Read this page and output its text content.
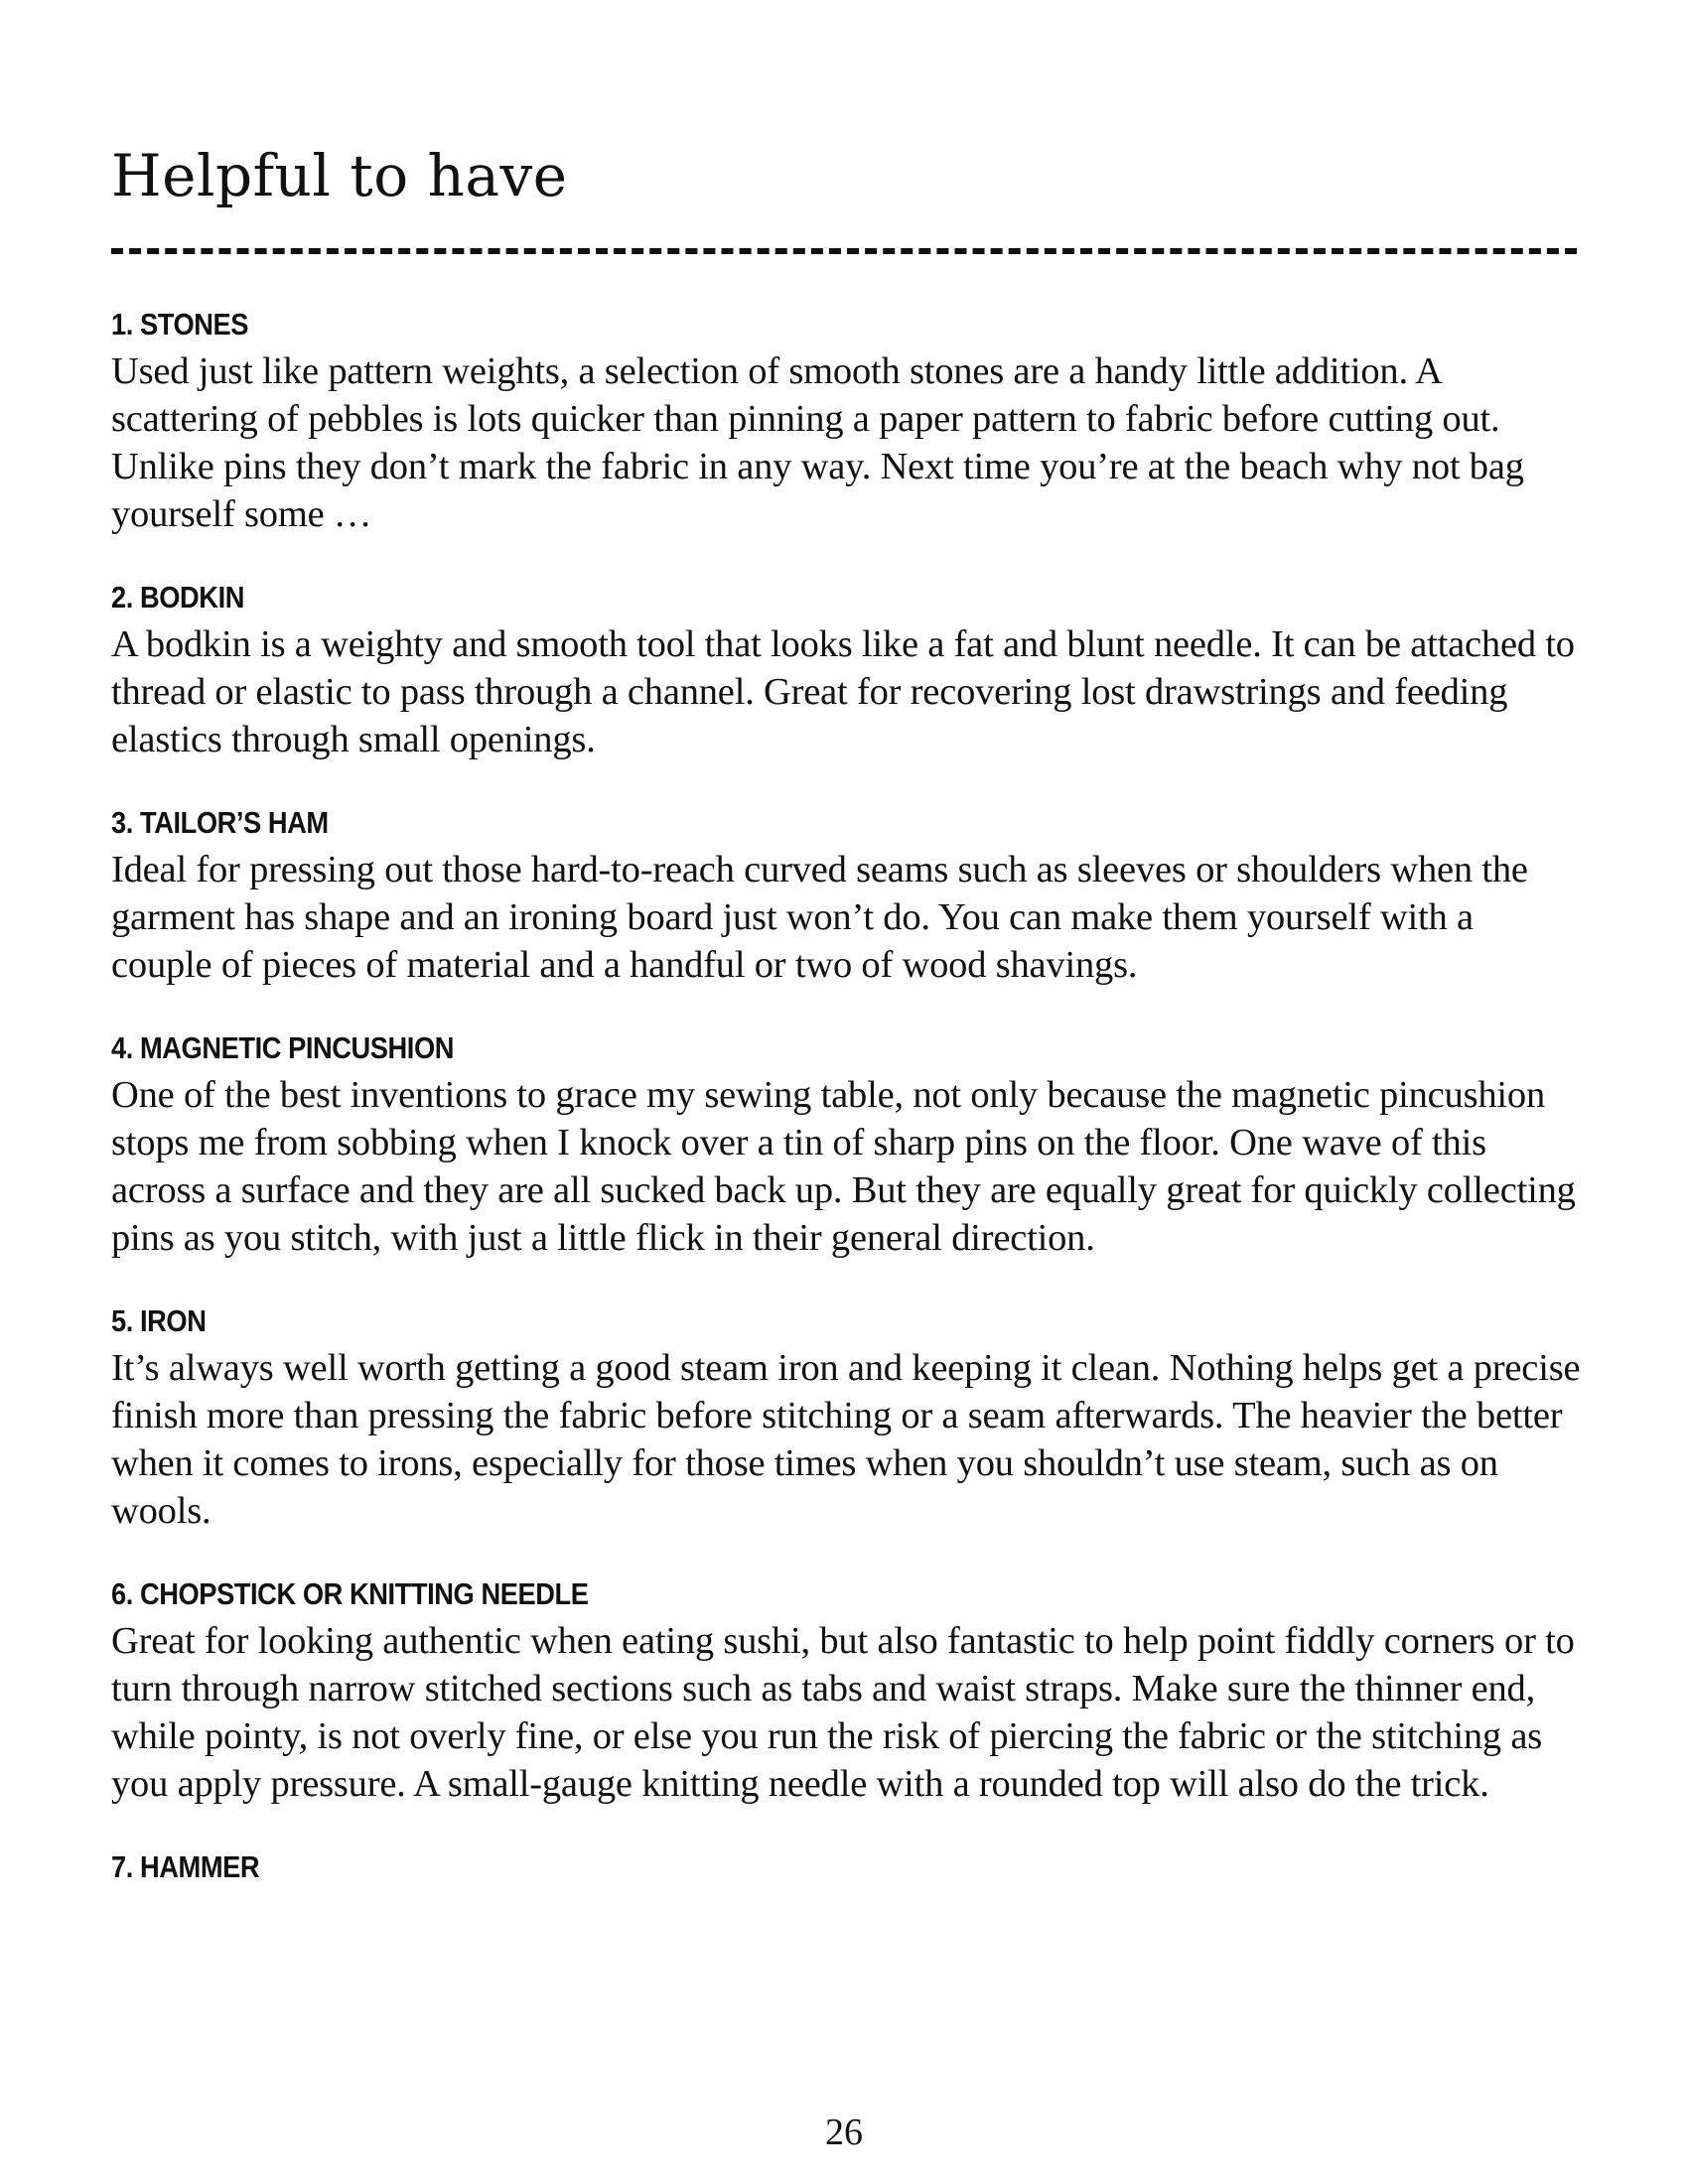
Helpful to have
1. STONES

Used just like pattern weights, a selection of smooth stones are a handy little addition. A scattering of pebbles is lots quicker than pinning a paper pattern to fabric before cutting out. Unlike pins they don’t mark the fabric in any way. Next time you’re at the beach why not bag yourself some …

2. BODKIN

A bodkin is a weighty and smooth tool that looks like a fat and blunt needle. It can be attached to thread or elastic to pass through a channel. Great for recovering lost drawstrings and feeding elastics through small openings.

3. TAILOR’S HAM

Ideal for pressing out those hard-to-reach curved seams such as sleeves or shoulders when the garment has shape and an ironing board just won’t do. You can make them yourself with a couple of pieces of material and a handful or two of wood shavings.

4. MAGNETIC PINCUSHION

One of the best inventions to grace my sewing table, not only because the magnetic pincushion stops me from sobbing when I knock over a tin of sharp pins on the floor. One wave of this across a surface and they are all sucked back up. But they are equally great for quickly collecting pins as you stitch, with just a little flick in their general direction.

5. IRON

It’s always well worth getting a good steam iron and keeping it clean. Nothing helps get a precise finish more than pressing the fabric before stitching or a seam afterwards. The heavier the better when it comes to irons, especially for those times when you shouldn’t use steam, such as on wools.

6. CHOPSTICK OR KNITTING NEEDLE

Great for looking authentic when eating sushi, but also fantastic to help point fiddly corners or to turn through narrow stitched sections such as tabs and waist straps. Make sure the thinner end, while pointy, is not overly fine, or else you run the risk of piercing the fabric or the stitching as you apply pressure. A small-gauge knitting needle with a rounded top will also do the trick.

7. HAMMER

26
